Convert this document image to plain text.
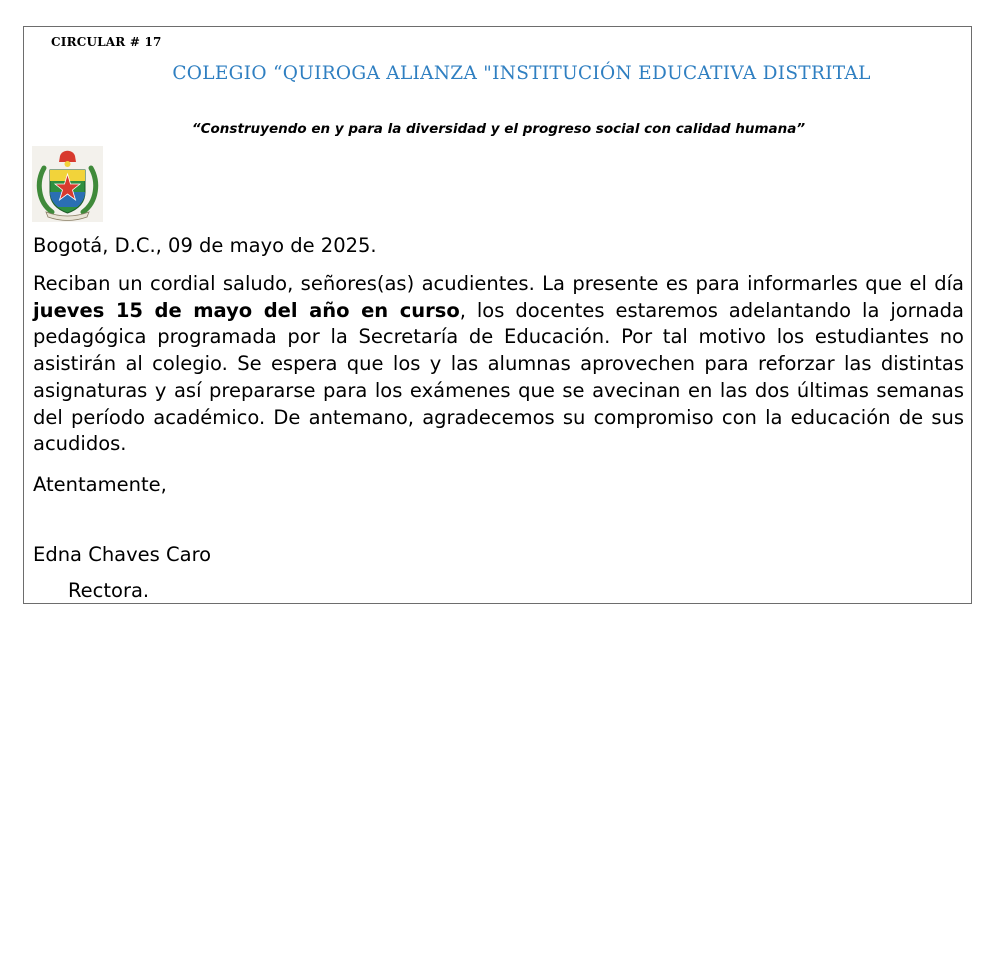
CIRCULAR # 17
COLEGIO “QUIROGA ALIANZA "INSTITUCIÓN EDUCATIVA DISTRITAL
“Construyendo en y para la diversidad y el progreso social con calidad humana”
Bogotá, D.C., 09 de mayo de 2025.
Reciban un cordial saludo, señores(as) acudientes. La presente es para informarles que el día jueves 15 de mayo del año en curso, los docentes estaremos adelantando la jornada pedagógica programada por la Secretaría de Educación. Por tal motivo los estudiantes no asistirán al colegio. Se espera que los y las alumnas aprovechen para reforzar las distintas asignaturas y así prepararse para los exámenes que se avecinan en las dos últimas semanas del período académico. De antemano, agradecemos su compromiso con la educación de sus acudidos.
Atentamente,
Edna Chaves Caro
Rectora.
